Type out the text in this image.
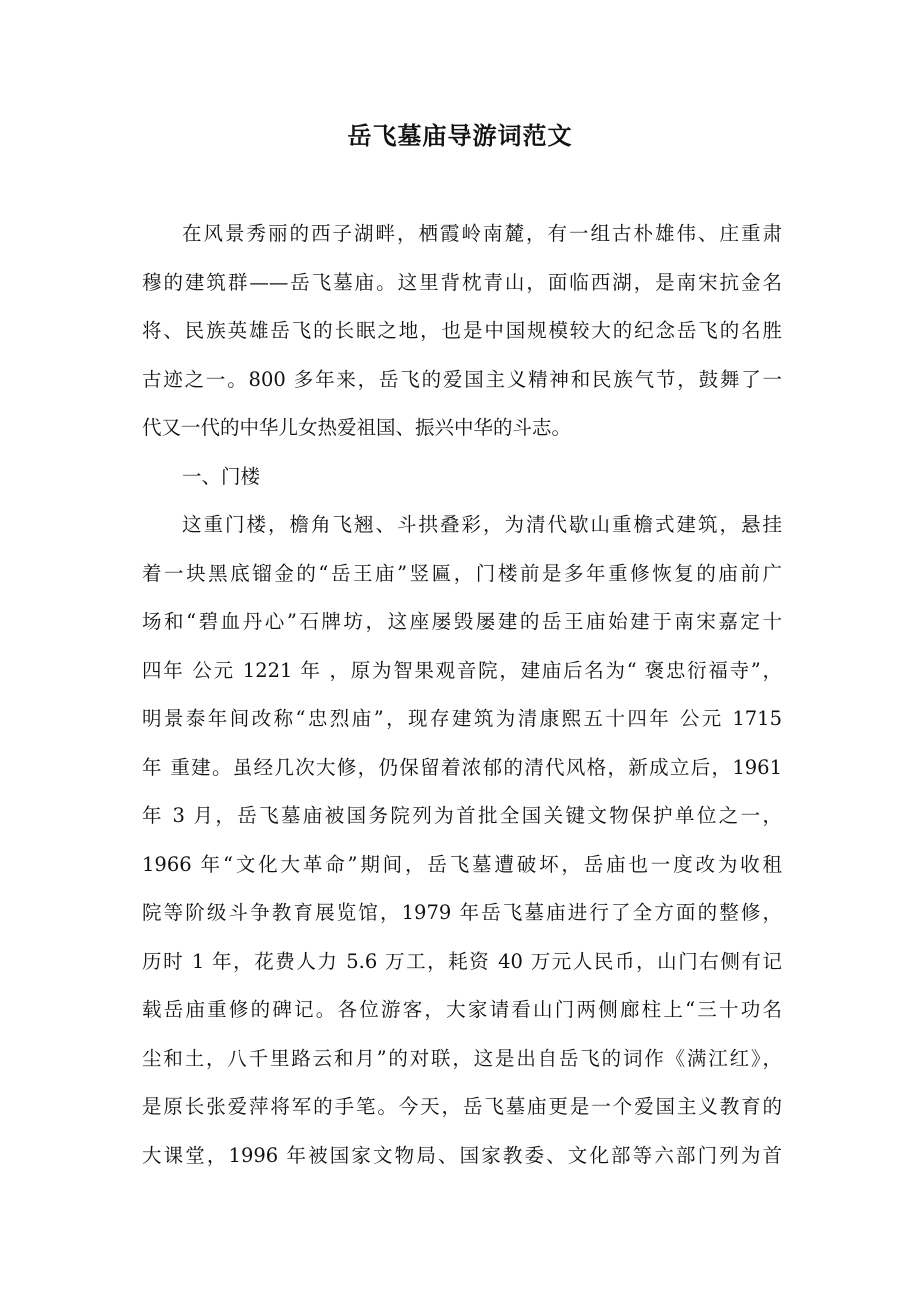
岳飞墓庙导游词范文
在风景秀丽的西子湖畔，栖霞岭南麓，有一组古朴雄伟、庄重肃
穆的建筑群——岳飞墓庙。这里背枕青山，面临西湖，是南宋抗金名
将、民族英雄岳飞的长眠之地，也是中国规模较大的纪念岳飞的名胜
古迹之一。800 多年来，岳飞的爱国主义精神和民族气节，鼓舞了一
代又一代的中华儿女热爱祖国、振兴中华的斗志。
一、门楼
这重门楼，檐角飞翘、斗拱叠彩，为清代歇山重檐式建筑，悬挂
着一块黑底镏金的“岳王庙”竖匾，门楼前是多年重修恢复的庙前广
场和“碧血丹心”石牌坊，这座屡毁屡建的岳王庙始建于南宋嘉定十
四年 公元 1221 年 ，原为智果观音院，建庙后名为“ 褒忠衍福寺”，
明景泰年间改称“忠烈庙”，现存建筑为清康熙五十四年 公元 1715
年 重建。虽经几次大修，仍保留着浓郁的清代风格，新成立后，1961
年 3 月，岳飞墓庙被国务院列为首批全国关键文物保护单位之一，
1966 年“文化大革命”期间，岳飞墓遭破坏，岳庙也一度改为收租
院等阶级斗争教育展览馆，1979 年岳飞墓庙进行了全方面的整修，
历时 1 年，花费人力 5.6 万工，耗资 40 万元人民币，山门右侧有记
载岳庙重修的碑记。各位游客，大家请看山门两侧廊柱上“三十功名
尘和土，八千里路云和月”的对联，这是出自岳飞的词作《满江红》，
是原长张爱萍将军的手笔。今天，岳飞墓庙更是一个爱国主义教育的
大课堂，1996 年被国家文物局、国家教委、文化部等六部门列为首
